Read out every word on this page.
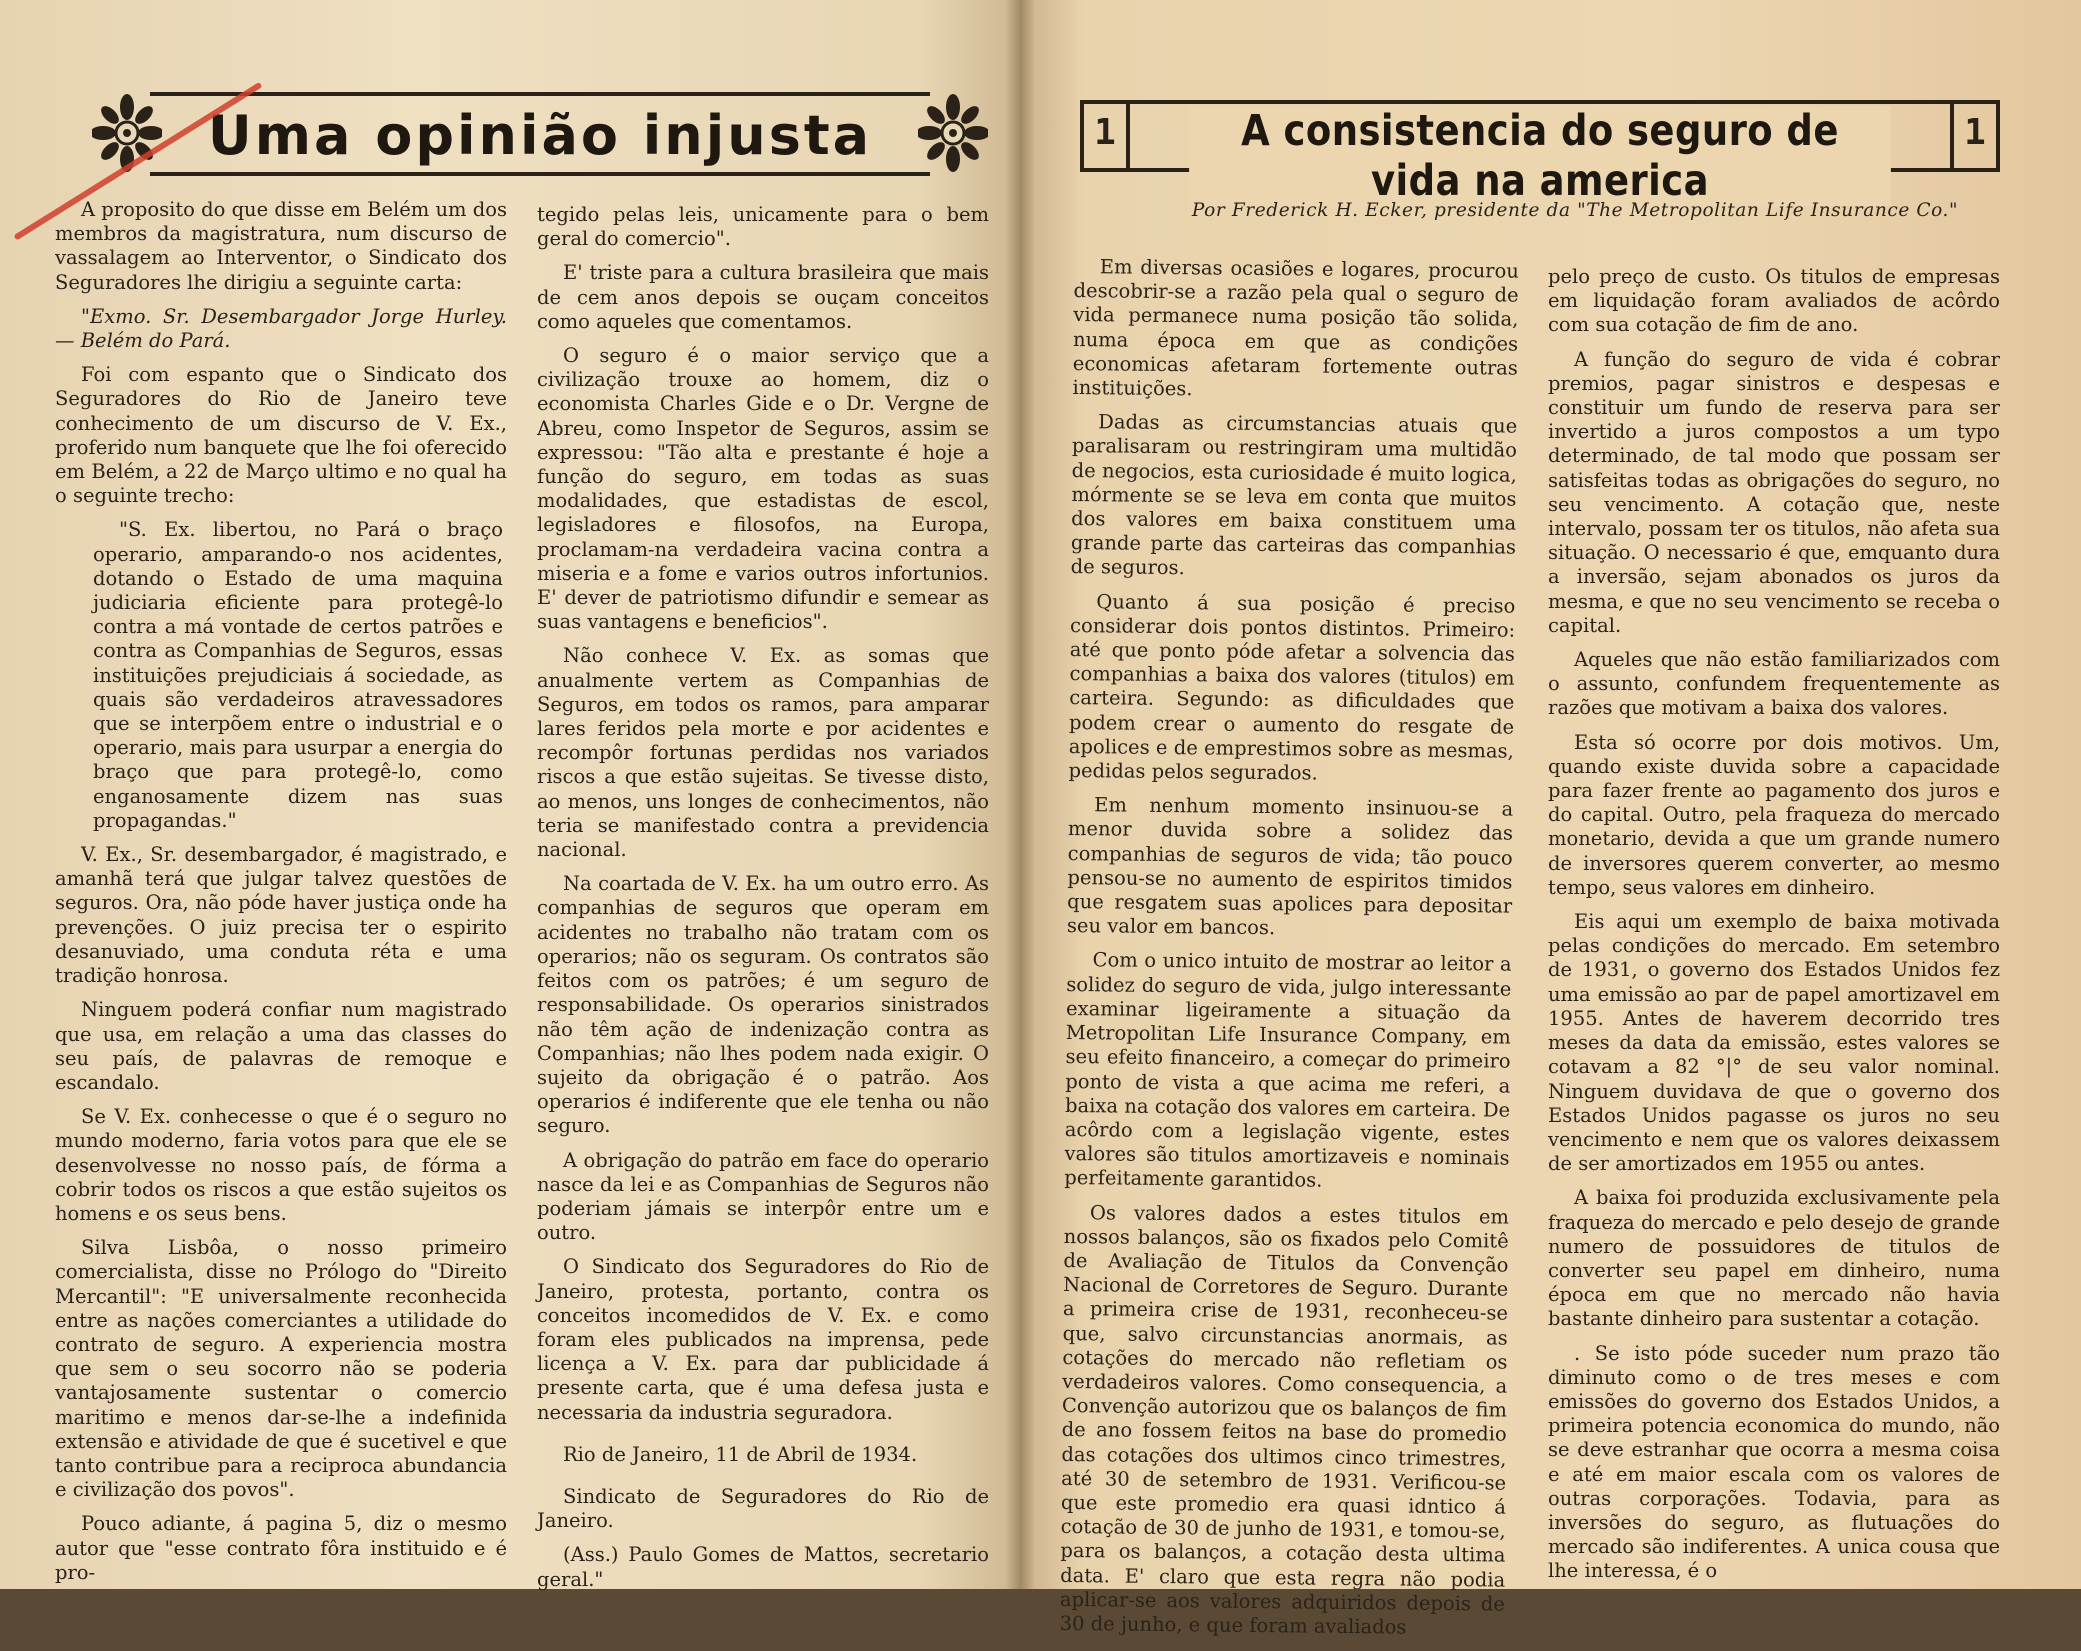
Uma opinião injusta

A proposito do que disse em Belém um dos membros da magistratura, num discurso de vassalagem ao Interventor, o Sindicato dos Seguradores lhe dirigiu a seguinte carta:

"Exmo. Sr. Desembargador Jorge Hurley. — Belém do Pará.

Foi com espanto que o Sindicato dos Seguradores do Rio de Janeiro teve conhecimento de um discurso de V. Ex., proferido num banquete que lhe foi oferecido em Belém, a 22 de Março ultimo e no qual ha o seguinte trecho:

"S. Ex. libertou, no Pará o braço operario, amparando-o nos acidentes, dotando o Estado de uma maquina judiciaria eficiente para protegê-lo contra a má vontade de certos patrões e contra as Companhias de Seguros, essas instituições prejudiciais á sociedade, as quais são verdadeiros atravessadores que se interpõem entre o industrial e o operario, mais para usurpar a energia do braço que para protegê-lo, como enganosamente dizem nas suas propagandas."

V. Ex., Sr. desembargador, é magistrado, e amanhã terá que julgar talvez questões de seguros. Ora, não póde haver justiça onde ha prevenções. O juiz precisa ter o espirito desanuviado, uma conduta réta e uma tradição honrosa.

Ninguem poderá confiar num magistrado que usa, em relação a uma das classes do seu país, de palavras de remoque e escandalo.

Se V. Ex. conhecesse o que é o seguro no mundo moderno, faria votos para que ele se desenvolvesse no nosso país, de fórma a cobrir todos os riscos a que estão sujeitos os homens e os seus bens.

Silva Lisbôa, o nosso primeiro comercialista, disse no Prólogo do "Direito Mercantil": "E universalmente reconhecida entre as nações comerciantes a utilidade do contrato de seguro. A experiencia mostra que sem o seu socorro não se poderia vantajosamente sustentar o comercio maritimo e menos dar-se-lhe a indefinida extensão e atividade de que é sucetivel e que tanto contribue para a reciproca abundancia e civilização dos povos".

Pouco adiante, á pagina 5, diz o mesmo autor que "esse contrato fôra instituido e é pro-

tegido pelas leis, unicamente para o bem geral do comercio".

E' triste para a cultura brasileira que mais de cem anos depois se ouçam conceitos como aqueles que comentamos.

O seguro é o maior serviço que a civilização trouxe ao homem, diz o economista Charles Gide e o Dr. Vergne de Abreu, como Inspetor de Seguros, assim se expressou: "Tão alta e prestante é hoje a função do seguro, em todas as suas modalidades, que estadistas de escol, legisladores e filosofos, na Europa, proclamam-na verdadeira vacina contra a miseria e a fome e varios outros infortunios. E' dever de patriotismo difundir e semear as suas vantagens e beneficios".

Não conhece V. Ex. as somas que anualmente vertem as Companhias de Seguros, em todos os ramos, para amparar lares feridos pela morte e por acidentes e recompôr fortunas perdidas nos variados riscos a que estão sujeitas. Se tivesse disto, ao menos, uns longes de conhecimentos, não teria se manifestado contra a previdencia nacional.

Na coartada de V. Ex. ha um outro erro. As companhias de seguros que operam em acidentes no trabalho não tratam com os operarios; não os seguram. Os contratos são feitos com os patrões; é um seguro de responsabilidade. Os operarios sinistrados não têm ação de indenização contra as Companhias; não lhes podem nada exigir. O sujeito da obrigação é o patrão. Aos operarios é indiferente que ele tenha ou não seguro.

A obrigação do patrão em face do operario nasce da lei e as Companhias de Seguros não poderiam jámais se interpôr entre um e outro.

O Sindicato dos Seguradores do Rio de Janeiro, protesta, portanto, contra os conceitos incomedidos de V. Ex. e como foram eles publicados na imprensa, pede licença a V. Ex. para dar publicidade á presente carta, que é uma defesa justa e necessaria da industria seguradora.

Rio de Janeiro, 11 de Abril de 1934.

Sindicato de Seguradores do Rio de Janeiro.

(Ass.) Paulo Gomes de Mattos, secretario geral."

1	A consistencia do seguro de vida na america
1
Por Frederick H. Ecker, presidente da "The Metropolitan Life Insurance Co."

Em diversas ocasiões e logares, procurou descobrir-se a razão pela qual o seguro de vida permanece numa posição tão solida, numa época em que as condições economicas afetaram fortemente outras instituições.

Dadas as circumstancias atuais que paralisaram ou restringiram uma multidão de negocios, esta curiosidade é muito logica, mórmente se se leva em conta que muitos dos valores em baixa constituem uma grande parte das carteiras das companhias de seguros.

Quanto á sua posição é preciso considerar dois pontos distintos. Primeiro: até que ponto póde afetar a solvencia das companhias a baixa dos valores (titulos) em carteira. Segundo: as dificuldades que podem crear o aumento do resgate de apolices e de emprestimos sobre as mesmas, pedidas pelos segurados.

Em nenhum momento insinuou-se a menor duvida sobre a solidez das companhias de seguros de vida; tão pouco pensou-se no aumento de espiritos timidos que resgatem suas apolices para depositar seu valor em bancos.

Com o unico intuito de mostrar ao leitor a solidez do seguro de vida, julgo interessante examinar ligeiramente a situação da Metropolitan Life Insurance Company, em seu efeito financeiro, a começar do primeiro ponto de vista a que acima me referi, a baixa na cotação dos valores em carteira. De acôrdo com a legislação vigente, estes valores são titulos amortizaveis e nominais perfeitamente garantidos.

Os valores dados a estes titulos em nossos balanços, são os fixados pelo Comitê de Avaliação de Titulos da Convenção Nacional de Corretores de Seguro. Durante a primeira crise de 1931, reconheceu-se que, salvo circunstancias anormais, as cotações do mercado não refletiam os verdadeiros valores. Como consequencia, a Convenção autorizou que os balanços de fim de ano fossem feitos na base do promedio das cotações dos ultimos cinco trimestres, até 30 de setembro de 1931. Verificou-se que este promedio era quasi idntico á cotação de 30 de junho de 1931, e tomou-se, para os balanços, a cotação desta ultima data. E' claro que esta regra não podia aplicar-se aos valores adquiridos depois de 30 de junho, e que foram avaliados

pelo preço de custo. Os titulos de empresas em liquidação foram avaliados de acôrdo com sua cotação de fim de ano.

A função do seguro de vida é cobrar premios, pagar sinistros e despesas e constituir um fundo de reserva para ser invertido a juros compostos a um typo determinado, de tal modo que possam ser satisfeitas todas as obrigações do seguro, no seu vencimento. A cotação que, neste intervalo, possam ter os titulos, não afeta sua situação. O necessario é que, emquanto dura a inversão, sejam abonados os juros da mesma, e que no seu vencimento se receba o capital.

Aqueles que não estão familiarizados com o assunto, confundem frequentemente as razões que motivam a baixa dos valores.

Esta só ocorre por dois motivos. Um, quando existe duvida sobre a capacidade para fazer frente ao pagamento dos juros e do capital. Outro, pela fraqueza do mercado monetario, devida a que um grande numero de inversores querem converter, ao mesmo tempo, seus valores em dinheiro.

Eis aqui um exemplo de baixa motivada pelas condições do mercado. Em setembro de 1931, o governo dos Estados Unidos fez uma emissão ao par de papel amortizavel em 1955. Antes de haverem decorrido tres meses da data da emissão, estes valores se cotavam a 82 °|° de seu valor nominal. Ninguem duvidava de que o governo dos Estados Unidos pagasse os juros no seu vencimento e nem que os valores deixassem de ser amortizados em 1955 ou antes.

A baixa foi produzida exclusivamente pela fraqueza do mercado e pelo desejo de grande numero de possuidores de titulos de converter seu papel em dinheiro, numa época em que no mercado não havia bastante dinheiro para sustentar a cotação.

. Se isto póde suceder num prazo tão diminuto como o de tres meses e com emissões do governo dos Estados Unidos, a primeira potencia economica do mundo, não se deve estranhar que ocorra a mesma coisa e até em maior escala com os valores de outras corporações. Todavia, para as inversões do seguro, as flutuações do mercado são indiferentes. A unica cousa que lhe interessa, é o
